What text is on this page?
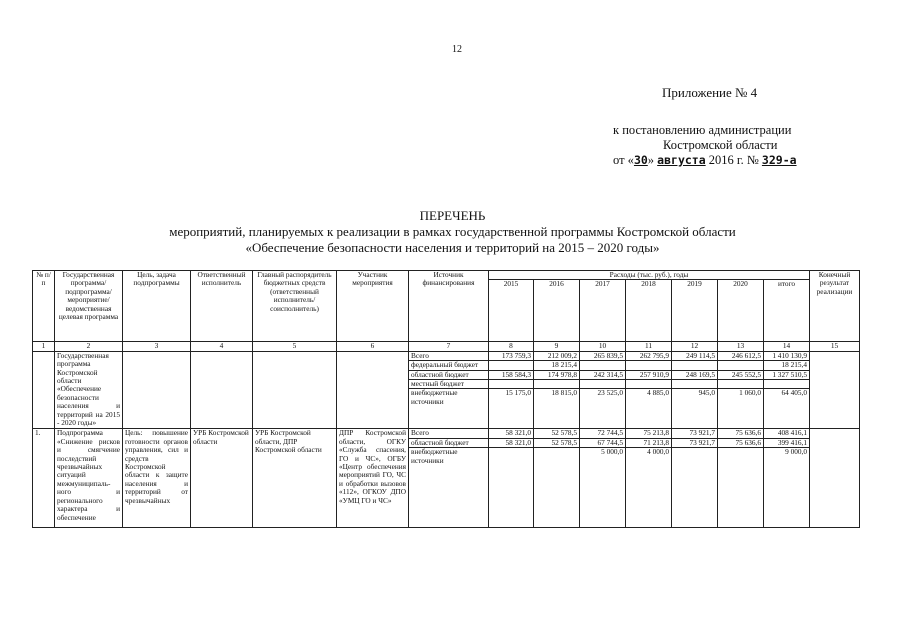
12
Приложение № 4
к постановлению администрации
Костромской области
от «30» августа 2016 г. № 329-а
ПЕРЕЧЕНЬ
мероприятий, планируемых к реализации в рамках государственной программы Костромской области
«Обеспечение безопасности населения и территорий на 2015 – 2020 годы»
№ п/п	Государственная программа/ подпрограмма/ мероприятие/ ведомственная целевая программа	Цель, задача подпрограммы	Ответственный исполнитель	Главный распорядитель бюджетных средств (ответственный исполнитель/ соисполнитель)	Участник мероприятия	Источник финансирования	Расходы (тыс. руб.), годы							Конечный результат реализации
							2015	2016	2017	2018	2019	2020	итого	
1	2	3	4	5	6	7	8	9	10	11	12	13	14	15
	Государственная программа Костромской области «Обеспечение безопасности населения и территорий на 2015 - 2020 годы»					Всего	173 759,3	212 009,2	265 839,5	262 795,9	249 114,5	246 612,5	1 410 130,9	
						федеральный бюджет		18 215,4					18 215,4	
						областной бюджет	158 584,3	174 978,8	242 314,5	257 910,9	248 169,5	245 552,5	1 327 510,5	
						местный бюджет								
						внебюджетные источники	15 175,0	18 815,0	23 525,0	4 885,0	945,0	1 060,0	64 405,0	
1.	Подпрограмма «Снижение рисков и смягчение последствий чрезвычайных ситуаций межмуниципаль-ного и регионального характера и обеспечение	Цель: повышение готовности органов управления, сил и средств Костромской области к защите населения и территорий от чрезвычайных	УРБ Костромской области	УРБ Костромской области, ДПР Костромской области	ДПР Костромской области, ОГКУ «Служба спасения, ГО и ЧС», ОГБУ «Центр обеспечения мероприятий ГО, ЧС и обработки вызовов «112», ОГКОУ ДПО «УМЦ ГО и ЧС»	Всего	58 321,0	52 578,5	72 744,5	75 213,8	73 921,7	75 636,6	408 416,1	
						областной бюджет	58 321,0	52 578,5	67 744,5	71 213,8	73 921,7	75 636,6	399 416,1	
						внебюджетные источники			5 000,0	4 000,0			9 000,0	
